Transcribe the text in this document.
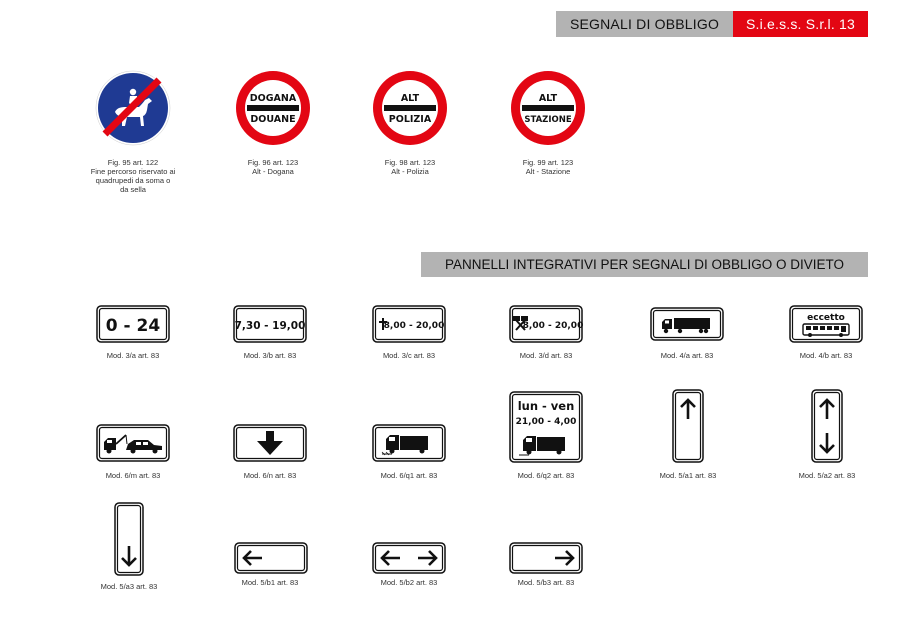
SEGNALI DI OBBLIGO	S.i.e.s.s. S.r.l. 13
PANNELLI INTEGRATIVI PER SEGNALI DI OBBLIGO O DIVIETO
Fig. 95 art. 122
Fine percorso riservato ai
quadrupedi da soma o
da sella
DOGANA
DOUANE
Fig. 96 art. 123
Alt - Dogana
ALT
POLIZIA
Fig. 98 art. 123
Alt - Polizia
ALT
STAZIONE
Fig. 99 art. 123
Alt - Stazione
0 - 24
Mod. 3/a art. 83
7,30 - 19,00
Mod. 3/b art. 83
8,00 - 20,00
Mod. 3/c art. 83
8,00 - 20,00
Mod. 3/d art. 83	Mod. 4/a art. 83
eccetto
Mod. 4/b art. 83
Mod. 6/m art. 83	Mod. 6/n art. 83	Mod. 6/q1 art. 83
lun - ven
21,00 - 4,00
Mod. 6/q2 art. 83	Mod. 5/a1 art. 83	Mod. 5/a2 art. 83
Mod. 5/a3 art. 83	Mod. 5/b1 art. 83	Mod. 5/b2 art. 83	Mod. 5/b3 art. 83
